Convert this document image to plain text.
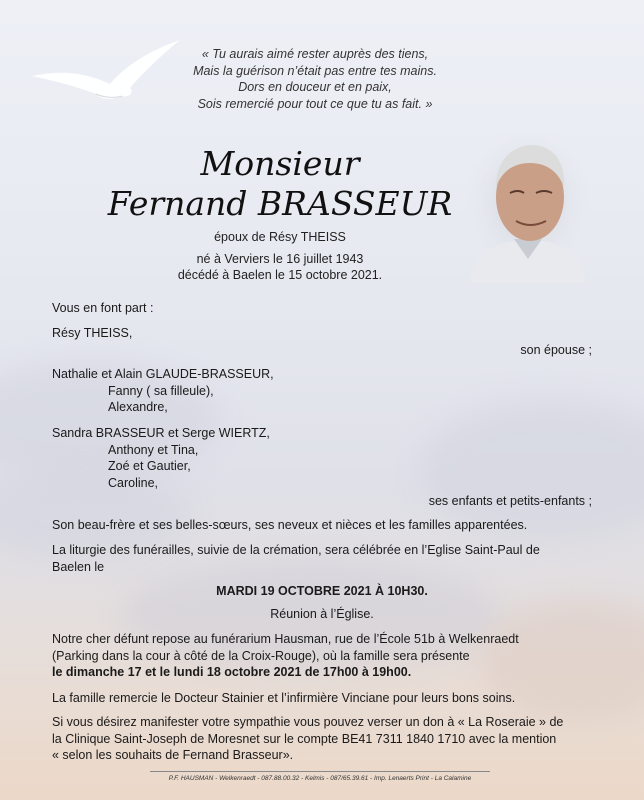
« Tu aurais aimé rester auprès des tiens,
Mais la guérison n’était pas entre tes mains.
Dors en douceur et en paix,
Sois remercié pour tout ce que tu as fait. »
Monsieur
Fernand BRASSEUR
époux de Résy THEISS
né à Verviers le 16 juillet 1943
décédé à Baelen le 15 octobre 2021.
Vous en font part :
Résy THEISS,
son épouse ;
Nathalie et Alain GLAUDE-BRASSEUR,
Fanny ( sa filleule),
Alexandre,
Sandra BRASSEUR et Serge WIERTZ,
Anthony et Tina,
Zoé et Gautier,
Caroline,
ses enfants et petits-enfants ;
Son beau-frère et ses belles-sœurs, ses neveux et nièces et les familles apparentées.
La liturgie des funérailles, suivie de la crémation, sera célébrée en l’Eglise Saint-Paul de
Baelen le
MARDI 19 OCTOBRE 2021 À 10H30.
Réunion à l’Église.
Notre cher défunt repose au funérarium Hausman, rue de l’École 51b à Welkenraedt
(Parking dans la cour à côté de la Croix-Rouge), où la famille sera présente
le dimanche 17 et le lundi 18 octobre 2021 de 17h00 à 19h00.
La famille remercie le Docteur Stainier et l’infirmière Vinciane pour leurs bons soins.
Si vous désirez manifester votre sympathie vous pouvez verser un don à « La Roseraie » de
la Clinique Saint-Joseph de Moresnet sur le compte BE41 7311 1840 1710 avec la mention
« selon les souhaits de Fernand Brasseur».
P.F. HAUSMAN - Welkenraedt - 087.88.00.32 - Kelmis - 087/65.39.61 - Imp. Lenaerts Print - La Calamine
